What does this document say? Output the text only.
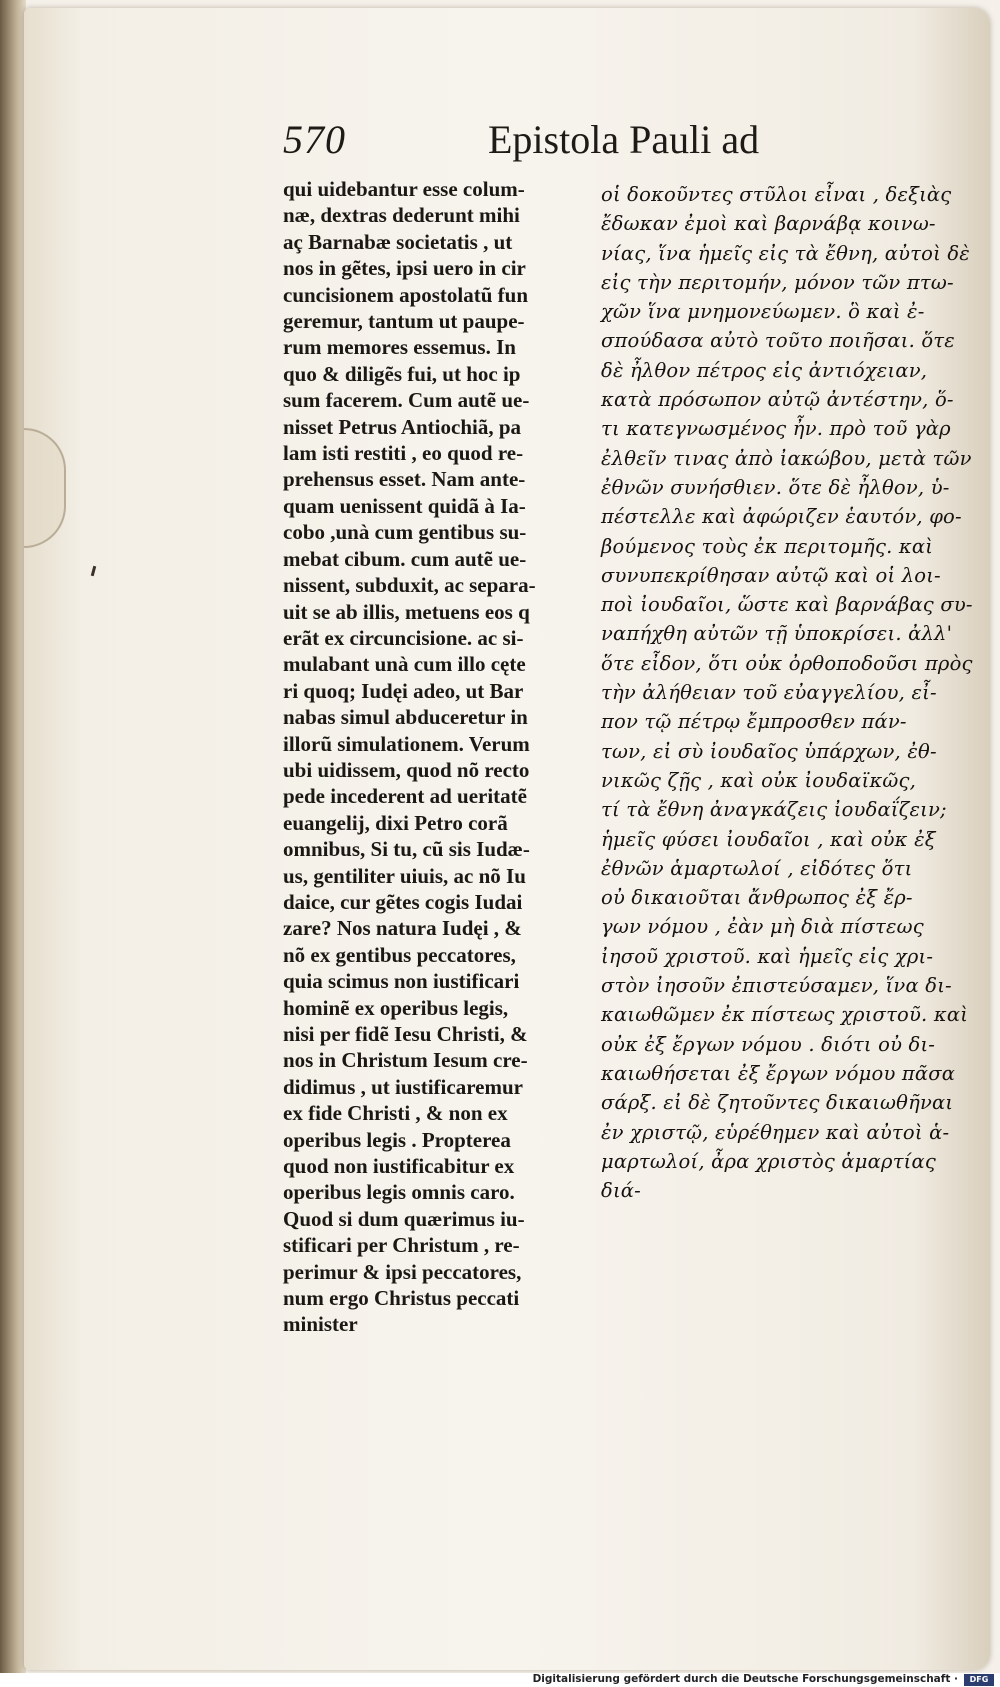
570	Epistola Pauli ad
qui uidebantur esse colum-
næ, dextras dederunt mihi
aç Barnabæ societatis , ut
nos in gẽtes, ipsi uero in cir
cuncisionem apostolatũ fun
geremur, tantum ut paupe-
rum memores essemus. In
quo & diligẽs fui, ut hoc ip
sum facerem. Cum autẽ ue-
nisset Petrus Antiochiã, pa
lam isti restiti , eo quod re-
prehensus esset. Nam ante-
quam uenissent quidã à Ia-
cobo ,unà cum gentibus su-
mebat cibum. cum autẽ ue-
nissent, subduxit, ac separa-
uit se ab illis, metuens eos q
erãt ex circuncisione. ac si-
mulabant unà cum illo cęte
ri quoq; Iudęi adeo, ut Bar
nabas simul abduceretur in
illorũ simulationem. Verum
ubi uidissem, quod nõ recto
pede incederent ad ueritatẽ
euangelij, dixi Petro corã
omnibus, Si tu, cũ sis Iudæ-
us, gentiliter uiuis, ac nõ Iu
daice, cur gẽtes cogis Iudai
zare? Nos natura Iudęi , &
nõ ex gentibus peccatores,
quia scimus non iustificari
hominẽ ex operibus legis,
nisi per fidẽ Iesu Christi, &
nos in Christum Iesum cre-
didimus , ut iustificaremur
ex fide Christi , & non ex
operibus legis . Propterea
quod non iustificabitur ex
operibus legis omnis caro.
Quod si dum quærimus iu-
stificari per Christum , re-
perimur & ipsi peccatores,
num ergo Christus peccati
minister
οἱ δοκοῦντες στῦλοι εἶναι , δεξιὰς
ἔδωκαν ἐμοὶ καὶ βαρνάβᾳ κοινω-
νίας, ἵνα ἡμεῖς εἰς τὰ ἔθνη, αὐτοὶ δὲ
εἰς τὴν περιτομήν, μόνον τῶν πτω-
χῶν ἵνα μνημονεύωμεν. ὃ καὶ ἐ-
σπούδασα αὐτὸ τοῦτο ποιῆσαι. ὅτε
δὲ ἦλθον πέτρος εἰς ἀντιόχειαν,
κατὰ πρόσωπον αὐτῷ ἀντέστην, ὅ-
τι κατεγνωσμένος ἦν. πρὸ τοῦ γὰρ
ἐλθεῖν τινας ἀπὸ ἰακώβου, μετὰ τῶν
ἐθνῶν συνήσθιεν. ὅτε δὲ ἦλθον, ὑ-
πέστελλε καὶ ἀφώριζεν ἑαυτόν, φο-
βούμενος τοὺς ἐκ περιτομῆς. καὶ
συνυπεκρίθησαν αὐτῷ καὶ οἱ λοι-
ποὶ ἰουδαῖοι, ὥστε καὶ βαρνάβας συ-
ναπήχθη αὐτῶν τῇ ὑποκρίσει. ἀλλ'
ὅτε εἶδον, ὅτι οὐκ ὀρθοποδοῦσι πρὸς
τὴν ἀλήθειαν τοῦ εὐαγγελίου, εἶ-
πον τῷ πέτρῳ ἔμπροσθεν πάν-
των, εἰ σὺ ἰουδαῖος ὑπάρχων, ἐθ-
νικῶς ζῇς , καὶ οὐκ ἰουδαϊκῶς,
τί τὰ ἔθνη ἀναγκάζεις ἰουδαΐζειν;
ἡμεῖς φύσει ἰουδαῖοι , καὶ οὐκ ἐξ
ἐθνῶν ἁμαρτωλοί , εἰδότες ὅτι
οὐ δικαιοῦται ἄνθρωπος ἐξ ἔρ-
γων νόμου , ἐὰν μὴ διὰ πίστεως
ἰησοῦ χριστοῦ. καὶ ἡμεῖς εἰς χρι-
στὸν ἰησοῦν ἐπιστεύσαμεν, ἵνα δι-
καιωθῶμεν ἐκ πίστεως χριστοῦ. καὶ
οὐκ ἐξ ἔργων νόμου . διότι οὐ δι-
καιωθήσεται ἐξ ἔργων νόμου πᾶσα
σάρξ. εἰ δὲ ζητοῦντες δικαιωθῆναι
ἐν χριστῷ, εὑρέθημεν καὶ αὐτοὶ ἁ-
μαρτωλοί, ἆρα χριστὸς ἁμαρτίας
διά-
Digitalisierung gefördert durch die Deutsche Forschungsgemeinschaft ·	DFG
